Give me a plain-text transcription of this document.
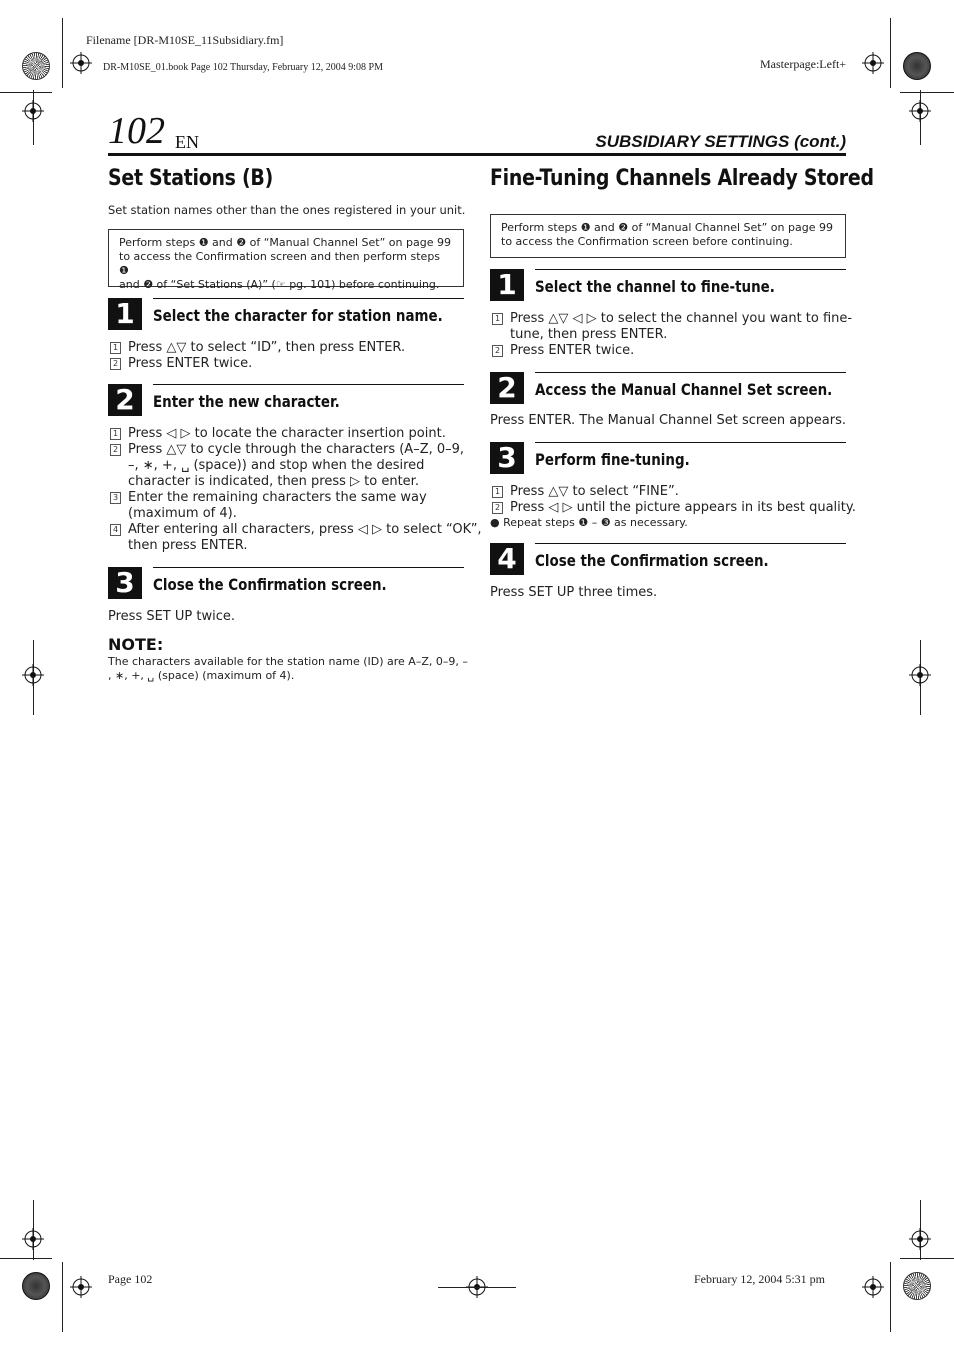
Filename [DR-M10SE_11Subsidiary.fm]
DR-M10SE_01.book Page 102 Thursday, February 12, 2004 9:08 PM	Masterpage:Left+
102 EN	SUBSIDIARY SETTINGS (cont.)
Set Stations (B)
Set station names other than the ones registered in your unit.

Perform steps ❶ and ❷ of “Manual Channel Set” on page 99

to access the Confirmation screen and then perform steps ❶

and ❷ of “Set Stations (A)” (☞ pg. 101) before continuing.

1	Select the character for station name.
1 Press △▽ to select “ID”, then press ENTER.
2 Press ENTER twice.
2	Enter the new character.
1 Press ◁ ▷ to locate the character insertion point.
2 Press △▽ to cycle through the characters (A–Z, 0–9,
–, ∗, +, ␣ (space)) and stop when the desired
character is indicated, then press ▷ to enter.
3 Enter the remaining characters the same way
(maximum of 4).
4 After entering all characters, press ◁ ▷ to select “OK”,
then press ENTER.
3	Close the Confirmation screen.
Press SET UP twice.
NOTE:
The characters available for the station name (ID) are A–Z, 0–9, –
, ∗, +, ␣ (space) (maximum of 4).
Fine-Tuning Channels Already Stored

Perform steps ❶ and ❷ of “Manual Channel Set” on page 99

to access the Confirmation screen before continuing.

1	Select the channel to fine-tune.
1 Press △▽ ◁ ▷ to select the channel you want to fine-
tune, then press ENTER.
2 Press ENTER twice.
2	Access the Manual Channel Set screen.
Press ENTER. The Manual Channel Set screen appears.
3	Perform fine-tuning.
1 Press △▽ to select “FINE”.
2 Press ◁ ▷ until the picture appears in its best quality.
● Repeat steps ❶ – ❸ as necessary.
4	Close the Confirmation screen.
Press SET UP three times.
Page 102	February 12, 2004 5:31 pm
